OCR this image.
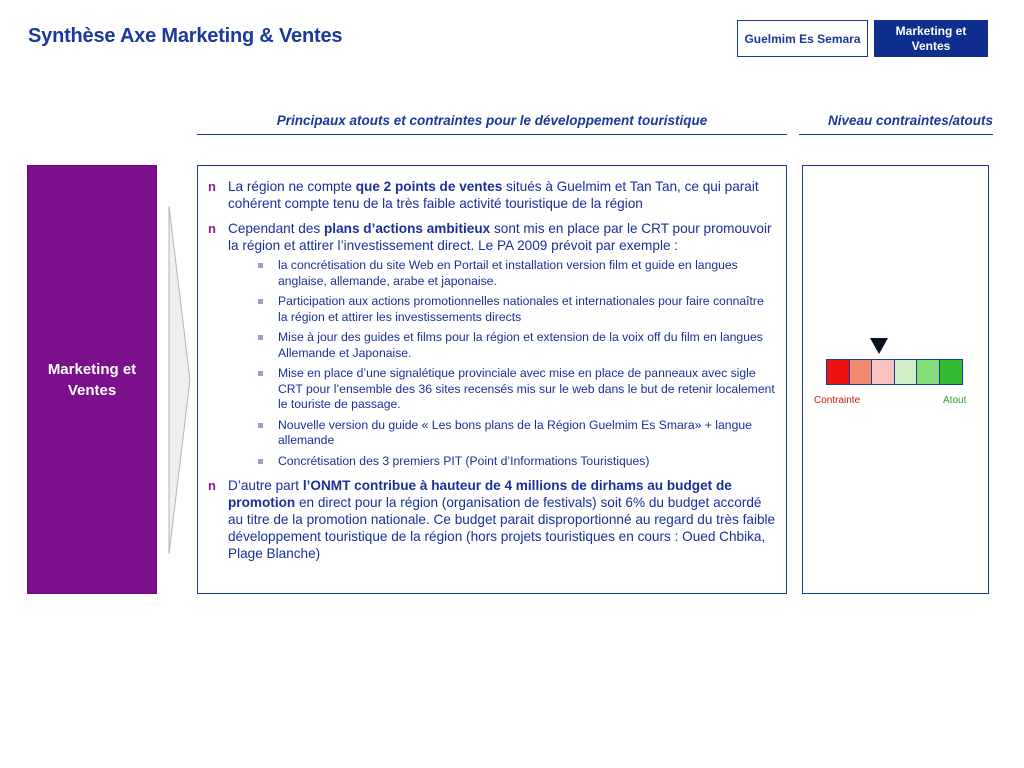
Synthèse Axe Marketing & Ventes	Guelmim Es Semara
Marketing et Ventes
Principaux atouts et contraintes pour le développement touristique	Niveau contraintes/atouts
Marketing et Ventes
n La région ne compte que 2 points de ventes situés à Guelmim et Tan Tan, ce qui parait cohérent compte tenu de la très faible activité touristique de la région
n Cependant des plans d’actions ambitieux sont mis en place par le CRT pour promouvoir la région et attirer l’investissement direct. Le PA 2009 prévoit par exemple :
la concrétisation du site Web en Portail et installation version film et guide en langues anglaise, allemande, arabe et japonaise.
Participation aux actions promotionnelles nationales et internationales pour faire connaître la région et attirer les investissements directs
Mise à jour des guides et films pour la région et extension de la voix off du film en langues Allemande et Japonaise.
Mise en place d’une signalétique provinciale avec mise en place de panneaux avec sigle CRT pour l’ensemble des 36 sites recensés mis sur le web dans le but de retenir localement le touriste de passage.
Nouvelle version du guide « Les bons plans de la Région Guelmim Es Smara» + langue allemande
Concrétisation des 3 premiers PIT (Point d’Informations Touristiques)
n D’autre part l’ONMT contribue à hauteur de 4 millions de dirhams au budget de promotion en direct pour la région (organisation de festivals) soit 6% du budget accordé au titre de la promotion nationale. Ce budget parait disproportionné au regard du très faible développement touristique de la région (hors projets touristiques en cours : Oued Chbika, Plage Blanche)
Contrainte	Atout
